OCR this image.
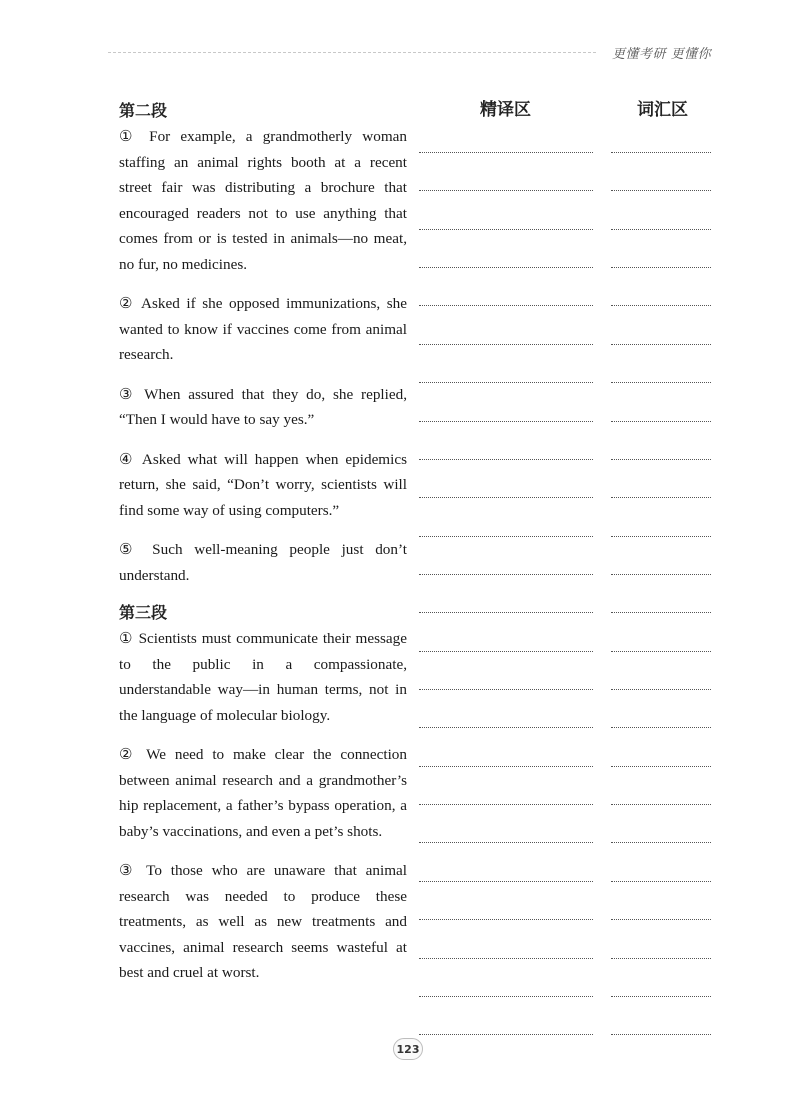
更懂考研 更懂你
精译区	词汇区
第二段
① For example, a grandmotherly woman staffing an animal rights booth at a recent street fair was distributing a brochure that encouraged readers not to use anything that comes from or is tested in animals—no meat, no fur, no medicines.
② Asked if she opposed immunizations, she wanted to know if vaccines come from animal research.
③ When assured that they do, she replied, “Then I would have to say yes.”
④ Asked what will happen when epidemics return, she said, “Don’t worry, scientists will find some way of using computers.”
⑤ Such well-meaning people just don’t understand.
第三段
① Scientists must communicate their message to the public in a compassionate, understandable way—in human terms, not in the language of molecular biology.
② We need to make clear the connection between animal research and a grandmother’s hip replacement, a father’s bypass operation, a baby’s vaccinations, and even a pet’s shots.
③ To those who are unaware that animal research was needed to produce these treatments, as well as new treatments and vaccines, animal research seems wasteful at best and cruel at worst.
123
